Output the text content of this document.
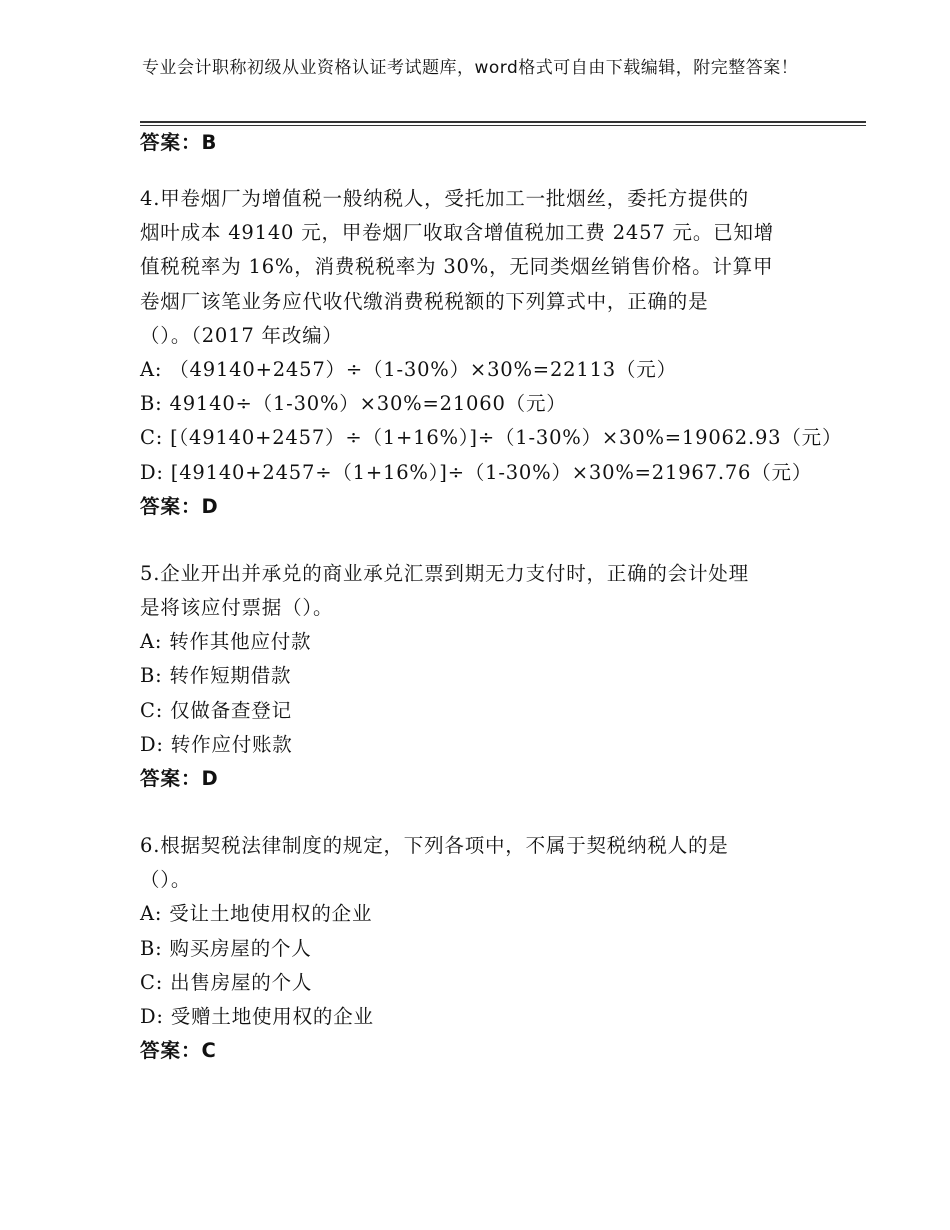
专业会计职称初级从业资格认证考试题库，word格式可自由下载编辑，附完整答案！
答案：B
4.甲卷烟厂为增值税一般纳税人，受托加工一批烟丝，委托方提供的
烟叶成本 49140 元，甲卷烟厂收取含增值税加工费 2457 元。已知增
值税税率为 16%，消费税税率为 30%，无同类烟丝销售价格。计算甲
卷烟厂该笔业务应代收代缴消费税税额的下列算式中，正确的是
（）。（2017 年改编）
A: （49140+2457）÷（1-30%）×30%=22113（元）
B: 49140÷（1-30%）×30%=21060（元）
C: [（49140+2457）÷（1+16%）]÷（1-30%）×30%=19062.93（元）
D: [49140+2457÷（1+16%）]÷（1-30%）×30%=21967.76（元）
答案：D
5.企业开出并承兑的商业承兑汇票到期无力支付时，正确的会计处理
是将该应付票据（）。
A: 转作其他应付款
B: 转作短期借款
C: 仅做备查登记
D: 转作应付账款
答案：D
6.根据契税法律制度的规定，下列各项中，不属于契税纳税人的是
（）。
A: 受让土地使用权的企业
B: 购买房屋的个人
C: 出售房屋的个人
D: 受赠土地使用权的企业
答案：C
